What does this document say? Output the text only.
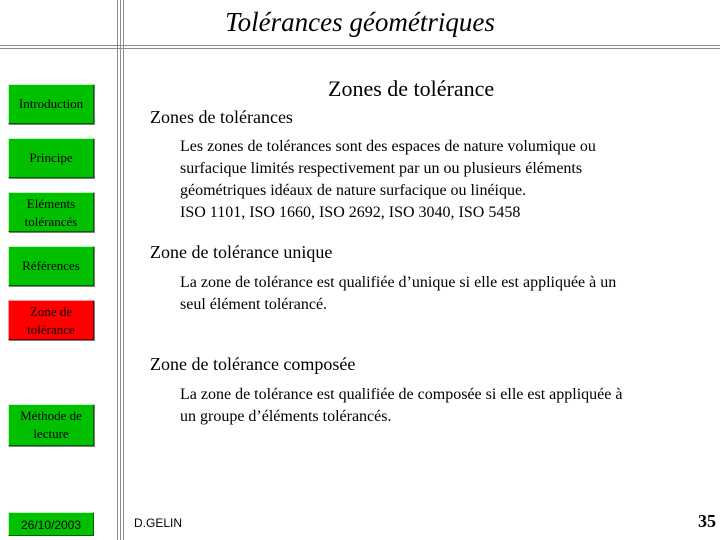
Tolérances géométriques
Introduction
Principe
Eléments
tolérancés
Références
Zone de
tolérance
Méthode de
lecture
Zones de tolérance
Zones de tolérances
Les zones de tolérances sont des espaces de nature volumique ou
surfacique limités respectivement par un ou plusieurs éléments
géométriques idéaux de nature surfacique ou linéique.
ISO 1101, ISO 1660, ISO 2692, ISO 3040, ISO 5458
Zone de tolérance unique
La zone de tolérance est qualifiée d’unique si elle est appliquée à un
seul élément tolérancé.
Zone de tolérance composée
La zone de tolérance est qualifiée de composée si elle est appliquée à
un groupe d’éléments tolérancés.
26/10/2003	D.GELIN	35
